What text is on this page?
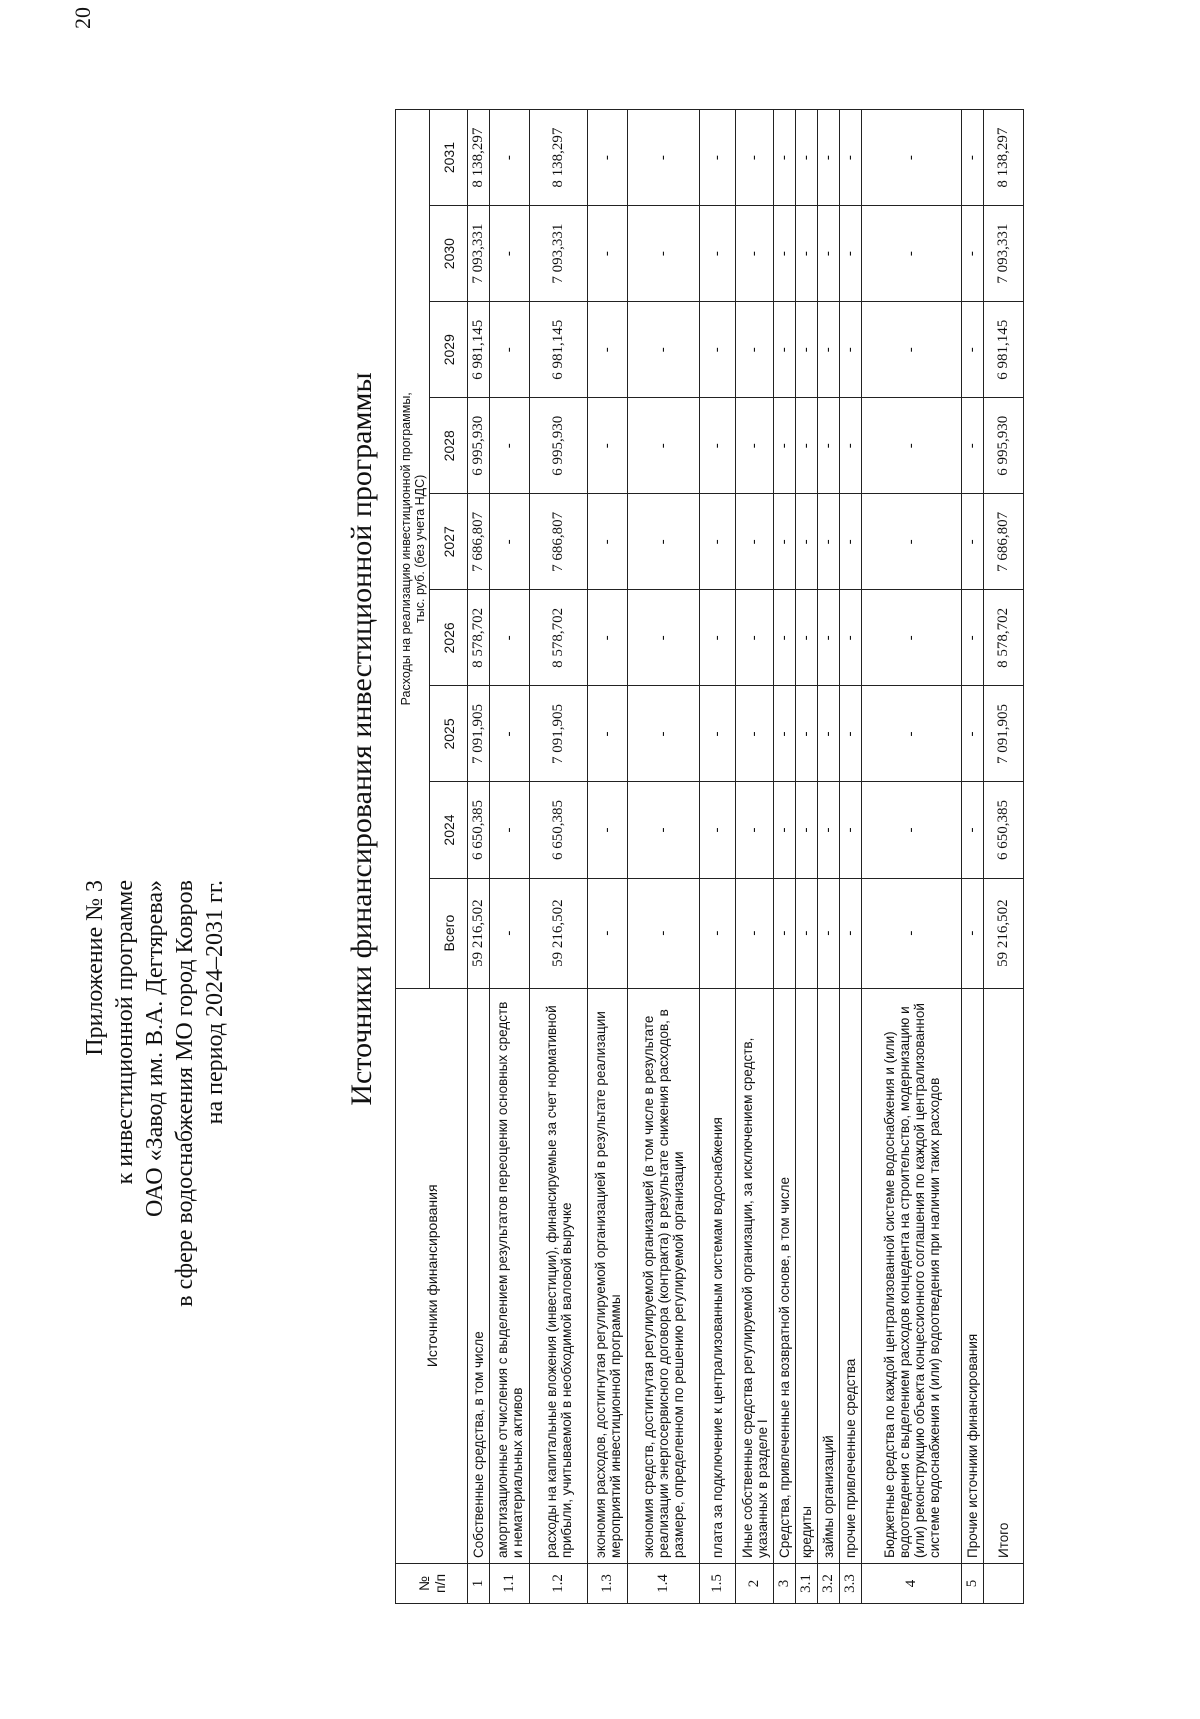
20
Приложение № 3 к инвестиционной программе ОАО «Завод им. В.А. Дегтярева» в сфере водоснабжения МО город Ковров на период 2024–2031 гг.	Источники финансирования инвестиционной программы
№
п/п	Источники финансирования	Расходы на реализацию инвестиционной программы,
тыс. руб. (без учета НДС)								
		Всего	2024	2025	2026	2027	2028	2029	2030	2031
1	Собственные средства, в том числе	59 216,502	6 650,385	7 091,905	8 578,702	7 686,807	6 995,930	6 981,145	7 093,331	8 138,297
1.1	амортизационные отчисления с выделением результатов переоценки основных средств и нематериальных активов	-	-	-	-	-	-	-	-	-
1.2	расходы на капитальные вложения (инвестиции), финансируемые за счет нормативной прибыли, учитываемой в необходимой валовой выручке	59 216,502	6 650,385	7 091,905	8 578,702	7 686,807	6 995,930	6 981,145	7 093,331	8 138,297
1.3	экономия расходов, достигнутая регулируемой организацией в результате реализации мероприятий инвестиционной программы	-	-	-	-	-	-	-	-	-
1.4	экономия средств, достигнутая регулируемой организацией (в том числе в результате реализации энергосервисного договора (контракта) в результате снижения расходов, в размере, определенном по решению регулируемой организации	-	-	-	-	-	-	-	-	-
1.5	плата за подключение к централизованным системам водоснабжения	-	-	-	-	-	-	-	-	-
2	Иные собственные средства регулируемой организации, за исключением средств, указанных в разделе I	-	-	-	-	-	-	-	-	-
3	Средства, привлеченные на возвратной основе, в том числе	-	-	-	-	-	-	-	-	-
3.1	кредиты	-	-	-	-	-	-	-	-	-
3.2	займы организаций	-	-	-	-	-	-	-	-	-
3.3	прочие привлеченные средства	-	-	-	-	-	-	-	-	-
4	Бюджетные средства по каждой централизованной системе водоснабжения и (или) водоотведения с выделением расходов концедента на строительство, модернизацию и (или) реконструкцию объекта концессионного соглашения по каждой централизованной системе водоснабжения и (или) водоотведения при наличии таких расходов	-	-	-	-	-	-	-	-	-
5	Прочие источники финансирования	-	-	-	-	-	-	-	-	-
	Итого	59 216,502	6 650,385	7 091,905	8 578,702	7 686,807	6 995,930	6 981,145	7 093,331	8 138,297
